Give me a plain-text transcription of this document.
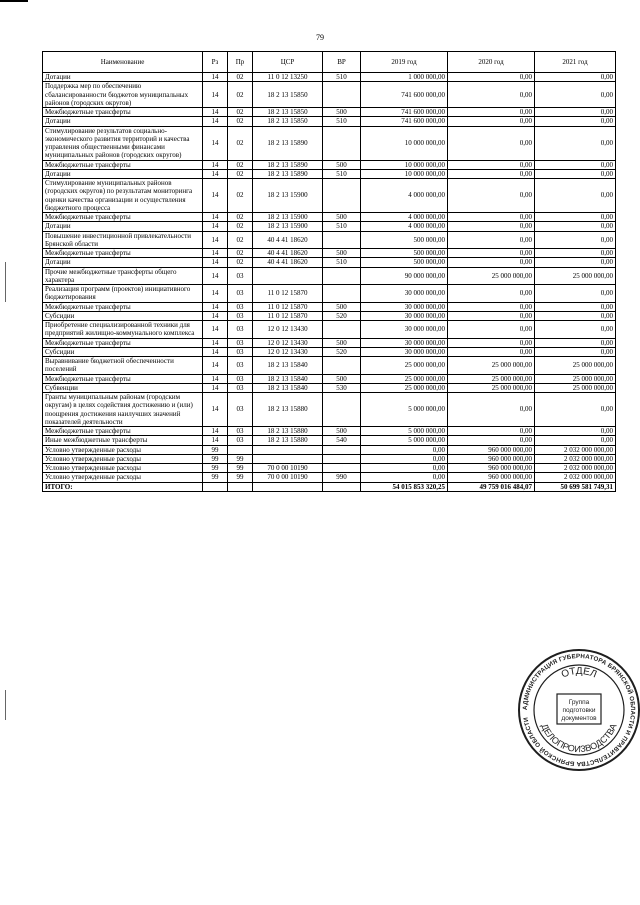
79
Наименование	Рз	Пр	ЦСР	ВР	2019 год	2020 год	2021 год
Дотации	14	02	11 0 12 13250	510	1 000 000,00	0,00	0,00
Поддержка мер по обеспечению сбалансированности бюджетов муниципальных районов (городских округов)	14	02	18 2 13 15850		741 600 000,00	0,00	0,00
Межбюджетные трансферты	14	02	18 2 13 15850	500	741 600 000,00	0,00	0,00
Дотации	14	02	18 2 13 15850	510	741 600 000,00	0,00	0,00
Стимулирование результатов социально-экономического развития территорий и качества управления общественными финансами муниципальных районов (городских округов)	14	02	18 2 13 15890		10 000 000,00	0,00	0,00
Межбюджетные трансферты	14	02	18 2 13 15890	500	10 000 000,00	0,00	0,00
Дотации	14	02	18 2 13 15890	510	10 000 000,00	0,00	0,00
Стимулирование муниципальных районов (городских округов) по результатам мониторинга оценки качества организации и осуществления бюджетного процесса	14	02	18 2 13 15900		4 000 000,00	0,00	0,00
Межбюджетные трансферты	14	02	18 2 13 15900	500	4 000 000,00	0,00	0,00
Дотации	14	02	18 2 13 15900	510	4 000 000,00	0,00	0,00
Повышение инвестиционной привлекательности Брянской области	14	02	40 4 41 18620		500 000,00	0,00	0,00
Межбюджетные трансферты	14	02	40 4 41 18620	500	500 000,00	0,00	0,00
Дотации	14	02	40 4 41 18620	510	500 000,00	0,00	0,00
Прочие межбюджетные трансферты общего характера	14	03			90 000 000,00	25 000 000,00	25 000 000,00
Реализация программ (проектов) инициативного бюджетирования	14	03	11 0 12 15870		30 000 000,00	0,00	0,00
Межбюджетные трансферты	14	03	11 0 12 15870	500	30 000 000,00	0,00	0,00
Субсидии	14	03	11 0 12 15870	520	30 000 000,00	0,00	0,00
Приобретение специализированной техники для предприятий жилищно-коммунального комплекса	14	03	12 0 12 13430		30 000 000,00	0,00	0,00
Межбюджетные трансферты	14	03	12 0 12 13430	500	30 000 000,00	0,00	0,00
Субсидии	14	03	12 0 12 13430	520	30 000 000,00	0,00	0,00
Выравнивание бюджетной обеспеченности поселений	14	03	18 2 13 15840		25 000 000,00	25 000 000,00	25 000 000,00
Межбюджетные трансферты	14	03	18 2 13 15840	500	25 000 000,00	25 000 000,00	25 000 000,00
Субвенции	14	03	18 2 13 15840	530	25 000 000,00	25 000 000,00	25 000 000,00
Гранты муниципальным районам (городским округам) в целях содействия достижению и (или) поощрения достижения наилучших значений показателей деятельности	14	03	18 2 13 15880		5 000 000,00	0,00	0,00
Межбюджетные трансферты	14	03	18 2 13 15880	500	5 000 000,00	0,00	0,00
Иные межбюджетные трансферты	14	03	18 2 13 15880	540	5 000 000,00	0,00	0,00
Условно утвержденные расходы	99				0,00	960 000 000,00	2 032 000 000,00
Условно утвержденные расходы	99	99			0,00	960 000 000,00	2 032 000 000,00
Условно утвержденные расходы	99	99	70 0 00 10190		0,00	960 000 000,00	2 032 000 000,00
Условно утвержденные расходы	99	99	70 0 00 10190	990	0,00	960 000 000,00	2 032 000 000,00
ИТОГО:					54 015 853 320,25	49 759 016 484,07	50 699 581 749,31
АДМИНИСТРАЦИЯ ГУБЕРНАТОРА БРЯНСКОЙ ОБЛАСТИ И ПРАВИТЕЛЬСТВА БРЯНСКОЙ ОБЛАСТИ
ОТДЕЛ
ДЕЛОПРОИЗВОДСТВА
Группа
подготовки
документов
